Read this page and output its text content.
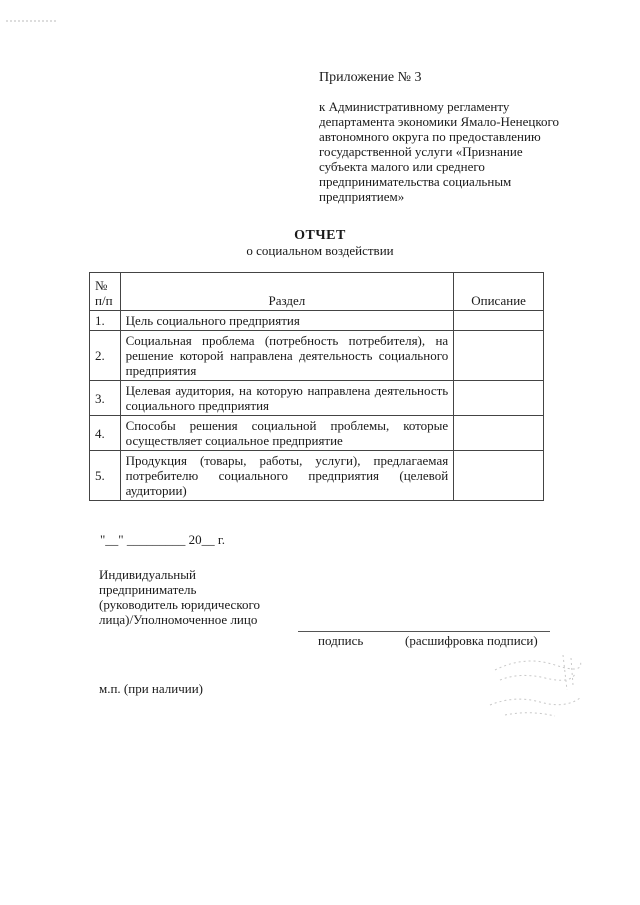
Приложение № 3
к Административному регламенту
департамента экономики Ямало-Ненецкого
автономного округа по предоставлению
государственной услуги «Признание
субъекта малого или среднего
предпринимательства социальным
предприятием»
ОТЧЕТ
о социальном воздействии
№ п/п	Раздел	Описание
1.	Цель социального предприятия	
2.	Социальная проблема (потребность потребителя), на решение которой направлена деятельность социального предприятия	
3.	Целевая аудитория, на которую направлена деятельность социального предприятия	
4.	Способы решения социальной проблемы, которые осуществляет социальное предприятие	
5.	Продукция (товары, работы, услуги), предлагаемая потребителю социального предприятия (целевой аудитории)	
"__" _________ 20__ г.
Индивидуальный
предприниматель
(руководитель юридического
лица)/Уполномоченное лицо
подпись	(расшифровка подписи)
м.п. (при наличии)
